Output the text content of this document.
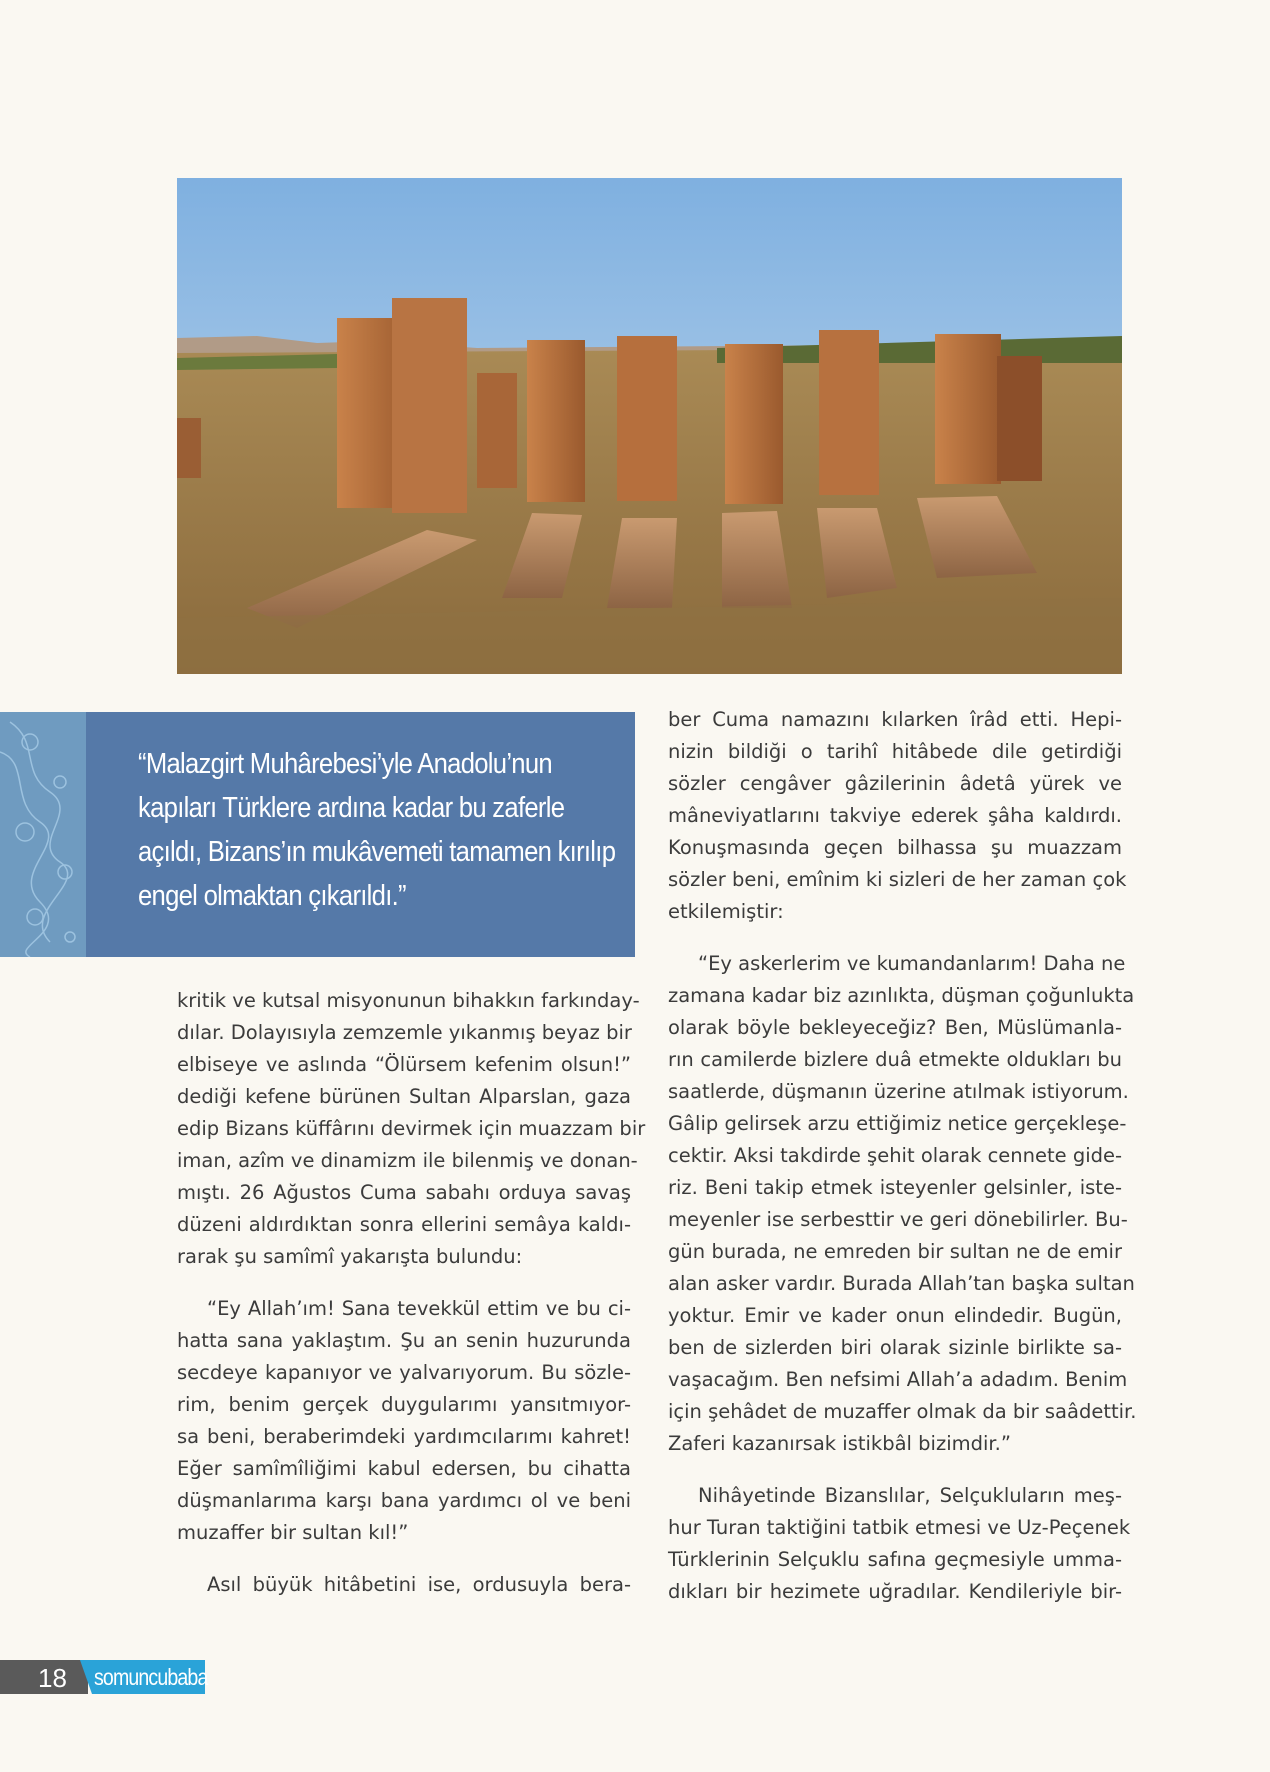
“Malazgirt Muhârebesi’yle Anadolu’nun
kapıları Türklere ardına kadar bu zaferle
açıldı, Bizans’ın mukâvemeti tamamen kırılıp
engel olmaktan çıkarıldı.”
kritik ve kutsal misyonunun bihakkın farkınday-
dılar. Dolayısıyla zemzemle yıkanmış beyaz bir
elbiseye ve aslında “Ölürsem kefenim olsun!”
dediği kefene bürünen Sultan Alparslan, gaza
edip Bizans küffârını devirmek için muazzam bir
iman, azîm ve dinamizm ile bilenmiş ve donan-
mıştı. 26 Ağustos Cuma sabahı orduya savaş
düzeni aldırdıktan sonra ellerini semâya kaldı-
rarak şu samîmî yakarışta bulundu:
“Ey Allah’ım! Sana tevekkül ettim ve bu ci-
hatta sana yaklaştım. Şu an senin huzurunda
secdeye kapanıyor ve yalvarıyorum. Bu sözle-
rim, benim gerçek duygularımı yansıtmıyor-
sa beni, beraberimdeki yardımcılarımı kahret!
Eğer samîmîliğimi kabul edersen, bu cihatta
düşmanlarıma karşı bana yardımcı ol ve beni
muzaffer bir sultan kıl!”
Asıl büyük hitâbetini ise, ordusuyla bera-
ber Cuma namazını kılarken îrâd etti. Hepi-
nizin bildiği o tarihî hitâbede dile getirdiği
sözler cengâver gâzilerinin âdetâ yürek ve
mâneviyatlarını takviye ederek şâha kaldırdı.
Konuşmasında geçen bilhassa şu muazzam
sözler beni, emînim ki sizleri de her zaman çok
etkilemiştir:
“Ey askerlerim ve kumandanlarım! Daha ne
zamana kadar biz azınlıkta, düşman çoğunlukta
olarak böyle bekleyeceğiz? Ben, Müslümanla-
rın camilerde bizlere duâ etmekte oldukları bu
saatlerde, düşmanın üzerine atılmak istiyorum.
Gâlip gelirsek arzu ettiğimiz netice gerçekleşe-
cektir. Aksi takdirde şehit olarak cennete gide-
riz. Beni takip etmek isteyenler gelsinler, iste-
meyenler ise serbesttir ve geri dönebilirler. Bu-
gün burada, ne emreden bir sultan ne de emir
alan asker vardır. Burada Allah’tan başka sultan
yoktur. Emir ve kader onun elindedir. Bugün,
ben de sizlerden biri olarak sizinle birlikte sa-
vaşacağım. Ben nefsimi Allah’a adadım. Benim
için şehâdet de muzaffer olmak da bir saâdettir.
Zaferi kazanırsak istikbâl bizimdir.”
Nihâyetinde Bizanslılar, Selçukluların meş-
hur Turan taktiğini tatbik etmesi ve Uz-Peçenek
Türklerinin Selçuklu safına geçmesiyle umma-
dıkları bir hezimete uğradılar. Kendileriyle bir-
18 somuncubaba
